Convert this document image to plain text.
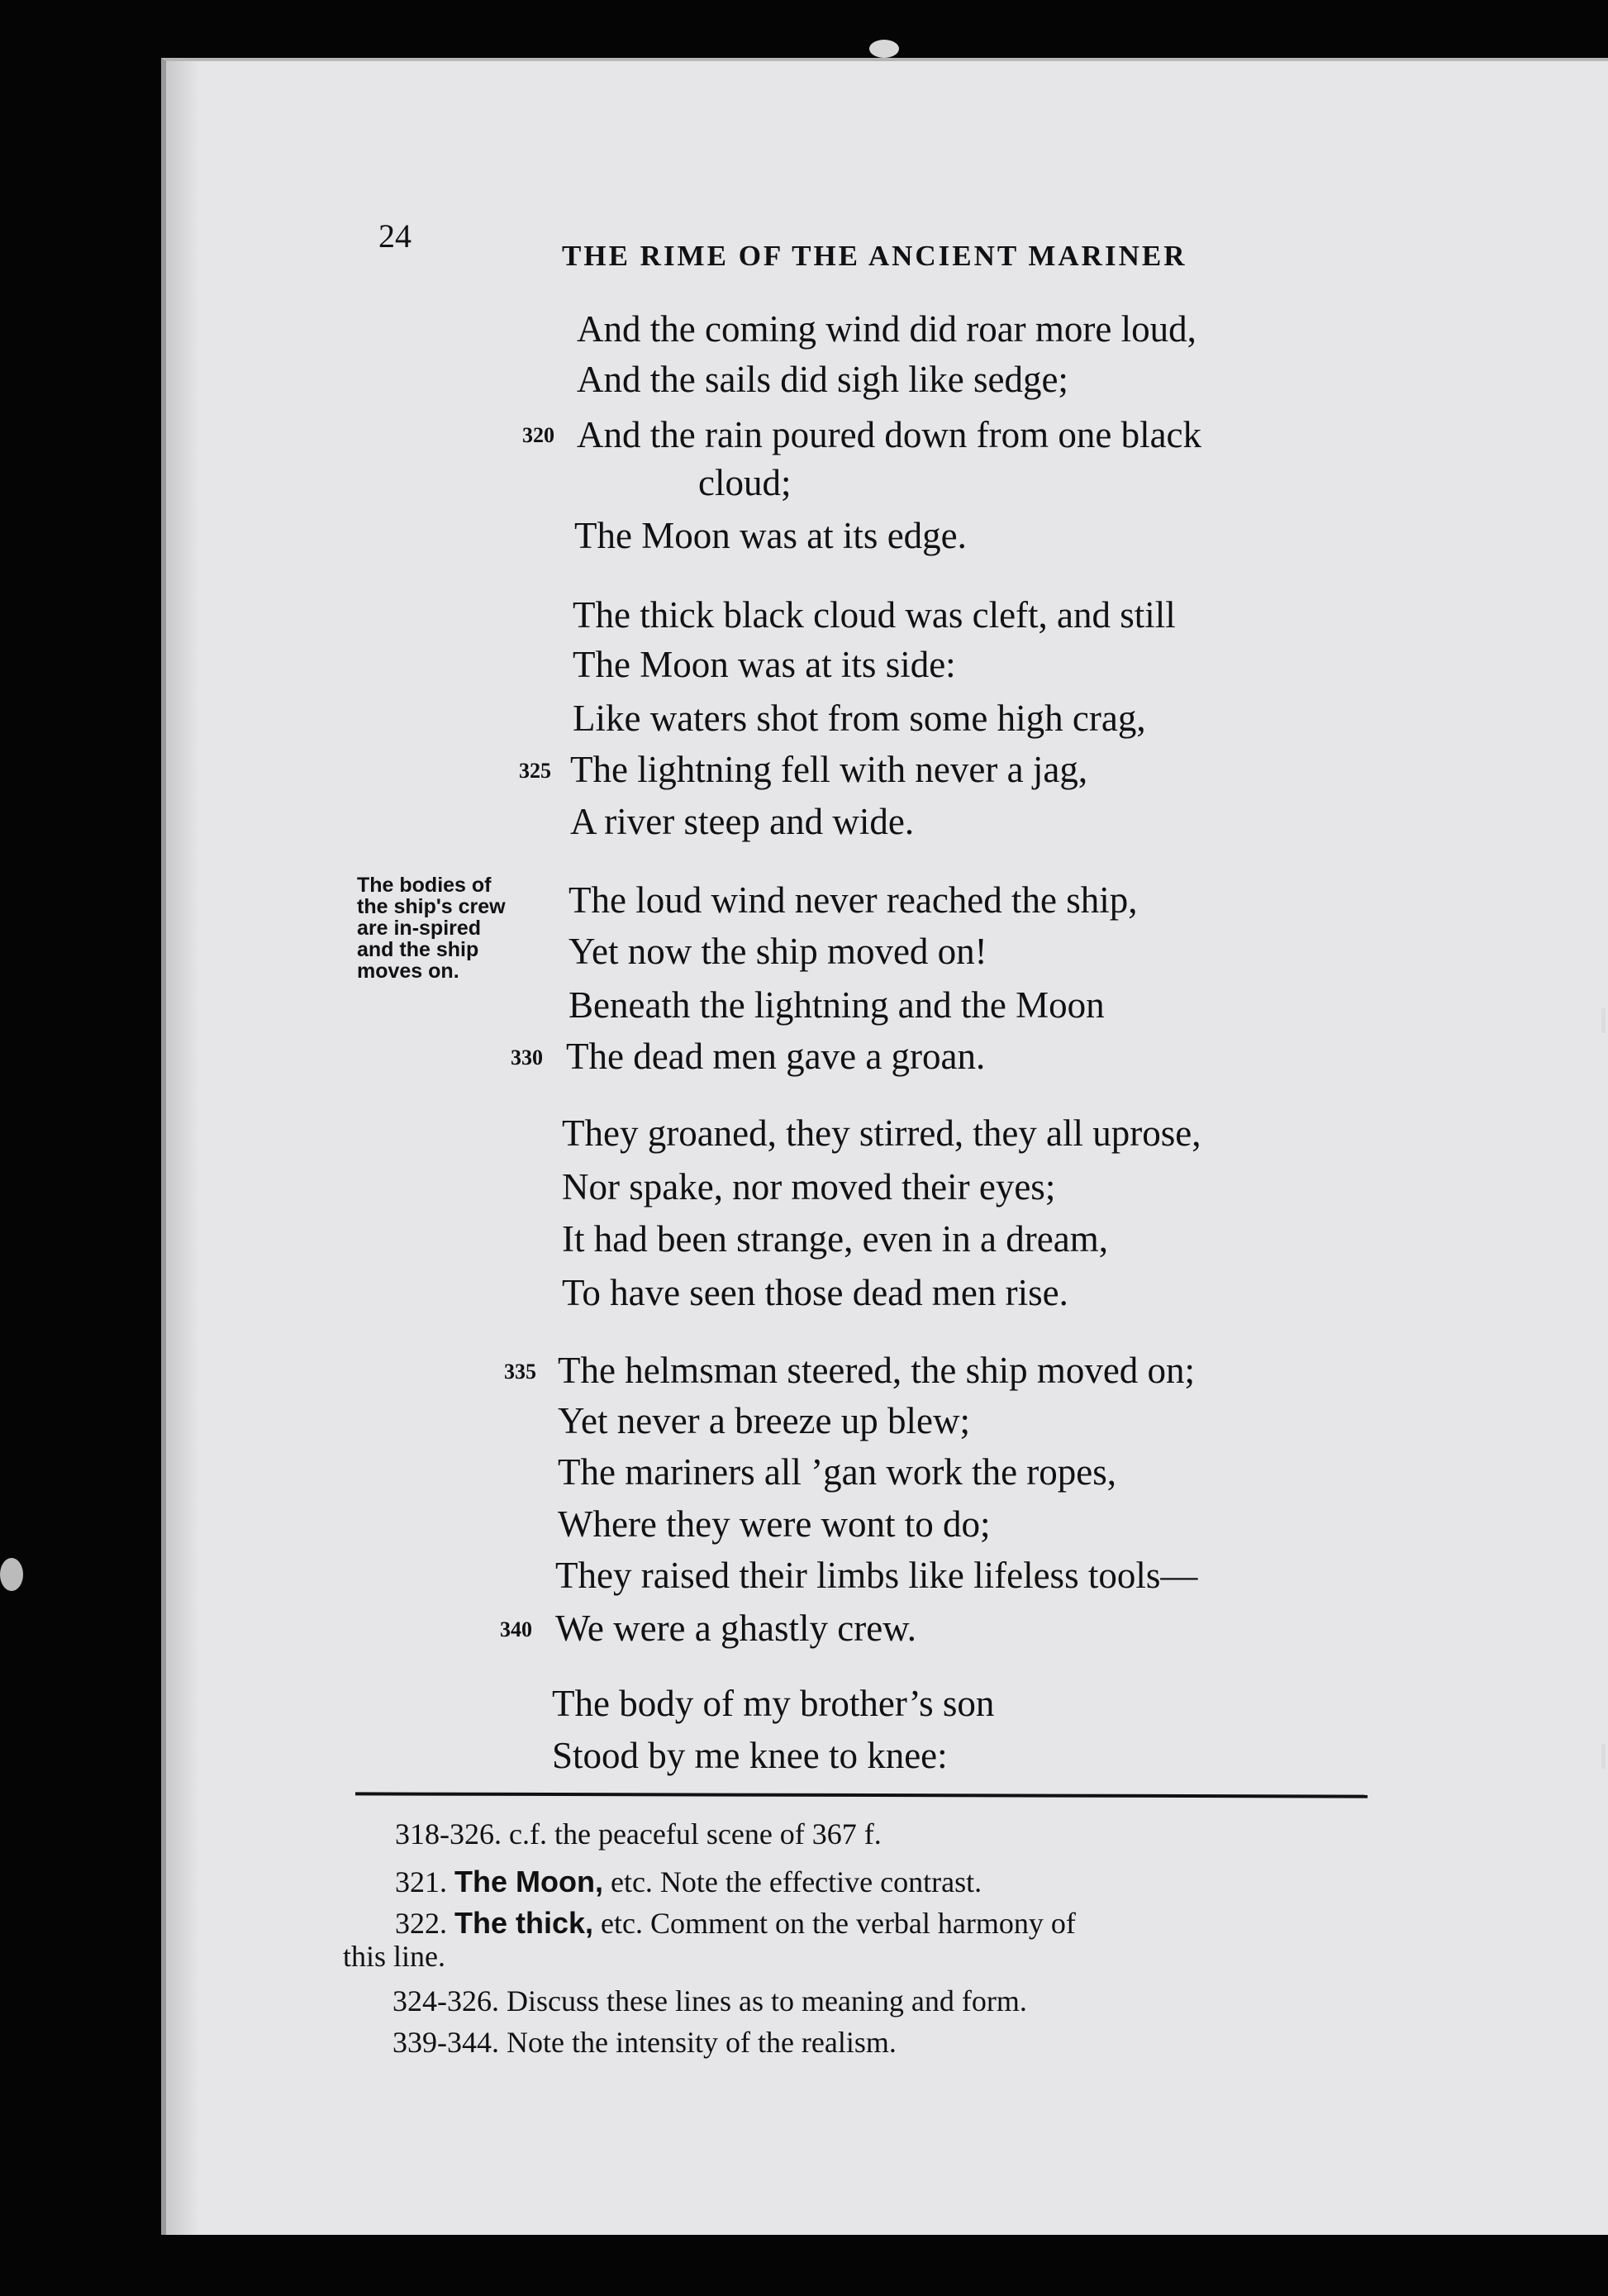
24
THE RIME OF THE ANCIENT MARINER
And the coming wind did roar more loud,
And the sails did sigh like sedge;
320 And the rain poured down from one black
cloud;
The Moon was at its edge.
The thick black cloud was cleft, and still
The Moon was at its side:
Like waters shot from some high crag,
325 The lightning fell with never a jag,
A river steep and wide.
The loud wind never reached the ship,
Yet now the ship moved on!
Beneath the lightning and the Moon
330 The dead men gave a groan.
They groaned, they stirred, they all uprose,
Nor spake, nor moved their eyes;
It had been strange, even in a dream,
To have seen those dead men rise.
335 The helmsman steered, the ship moved on;
Yet never a breeze up blew;
The mariners all ’gan work the ropes,
Where they were wont to do;
They raised their limbs like lifeless tools—
340 We were a ghastly crew.
The body of my brother’s son
Stood by me knee to knee:
The bodies of the ship's crew are in-spired and the ship moves on.
318-326. c.f. the peaceful scene of 367 f.
321. The Moon, etc. Note the effective contrast.
322. The thick, etc. Comment on the verbal harmony of
this line.
324-326. Discuss these lines as to meaning and form.
339-344. Note the intensity of the realism.
